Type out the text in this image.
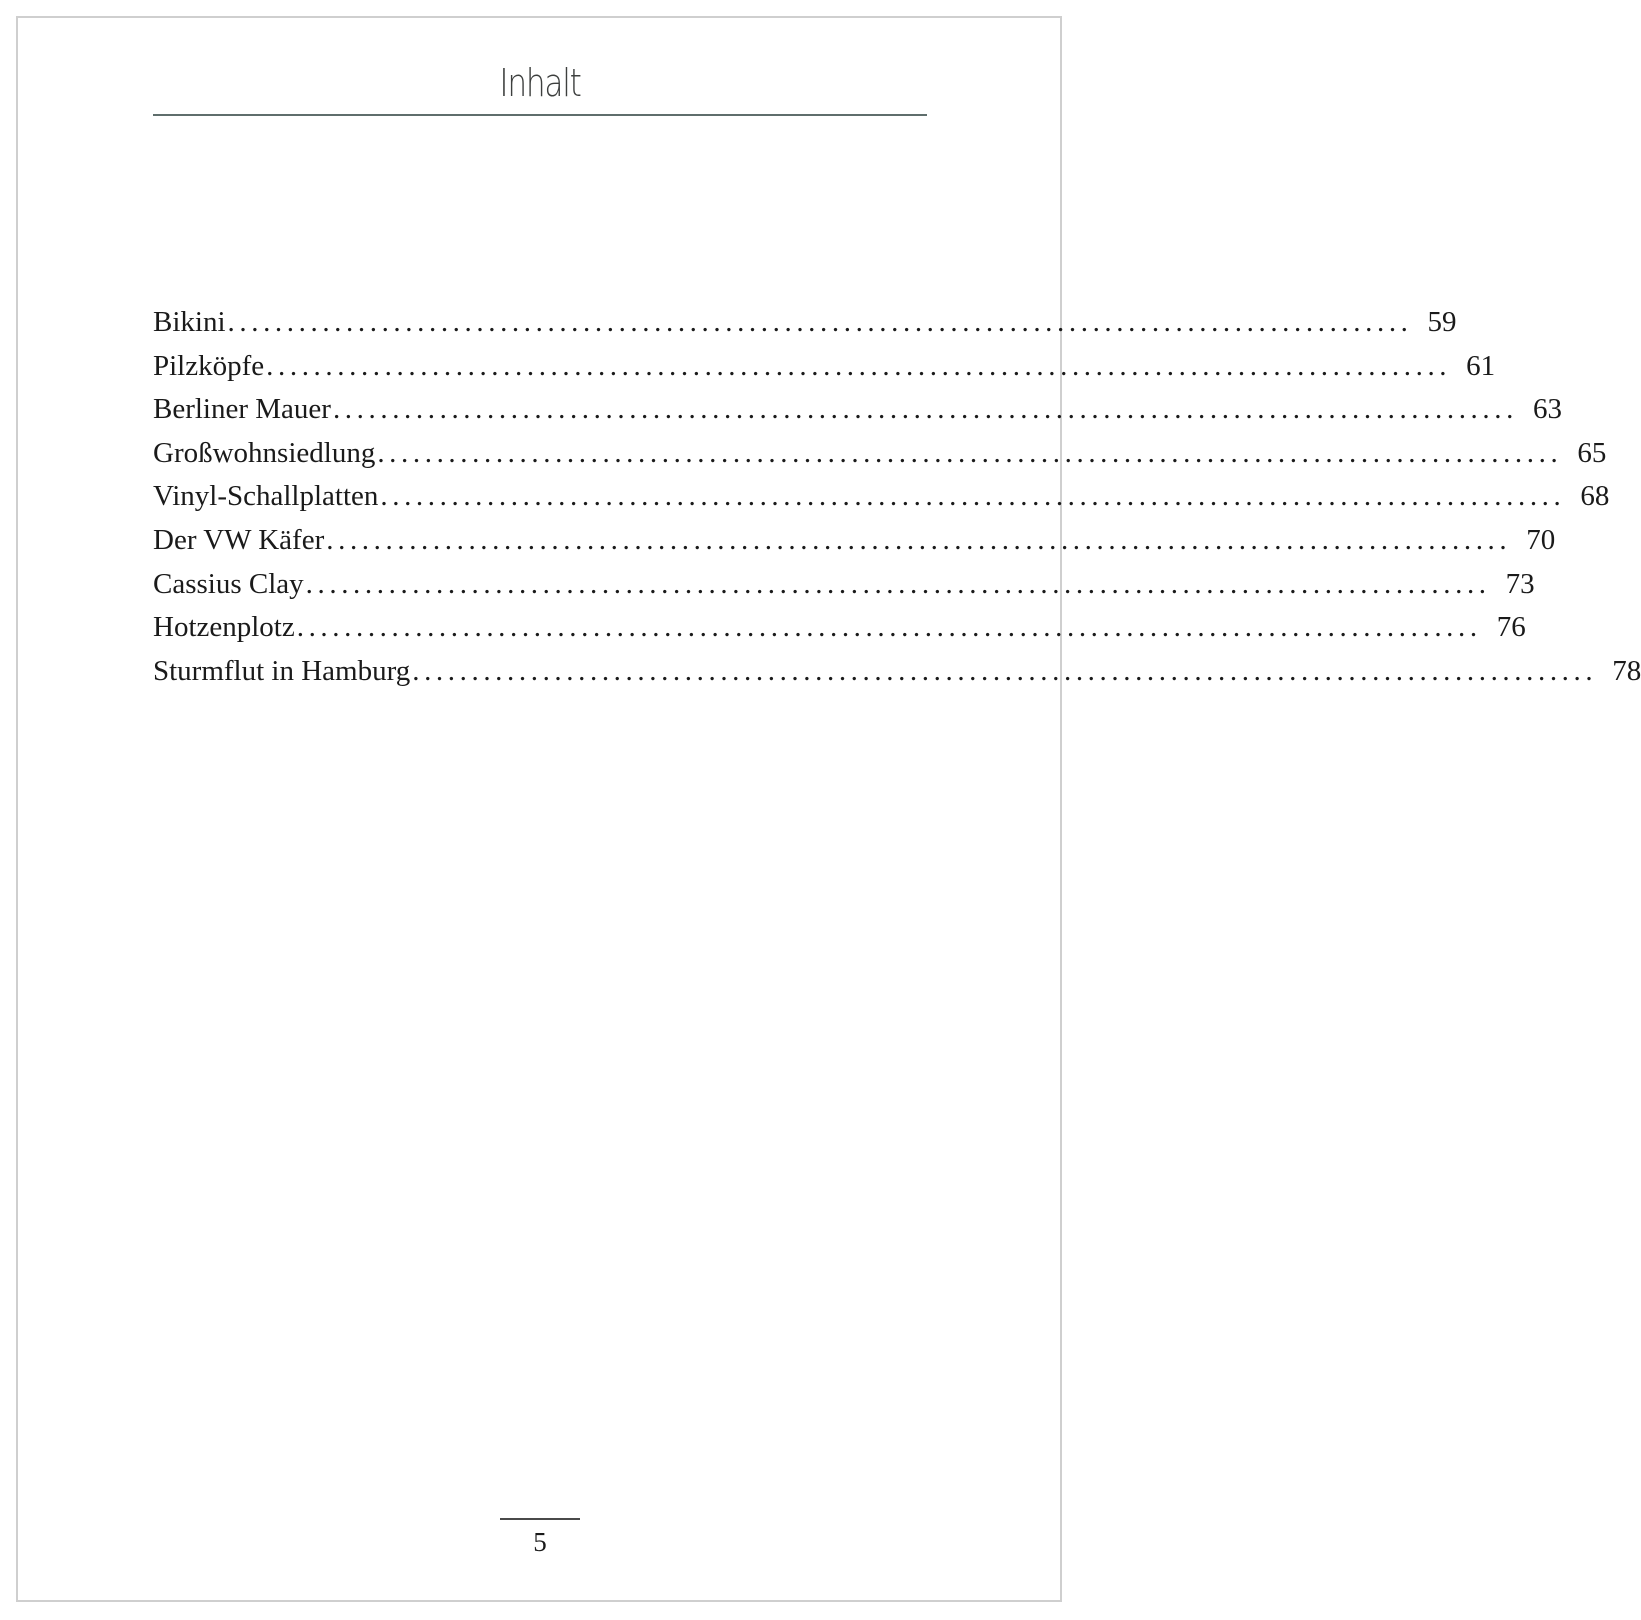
Inhalt
Bikini .................................................................................................... 59
Pilzköpfe .................................................................................................... 61
Berliner Mauer .................................................................................................... 63
Großwohnsiedlung .................................................................................................... 65
Vinyl-Schallplatten .................................................................................................... 68
Der VW Käfer .................................................................................................... 70
Cassius Clay .................................................................................................... 73
Hotzenplotz .................................................................................................... 76
Sturmflut in Hamburg .................................................................................................... 78
5
